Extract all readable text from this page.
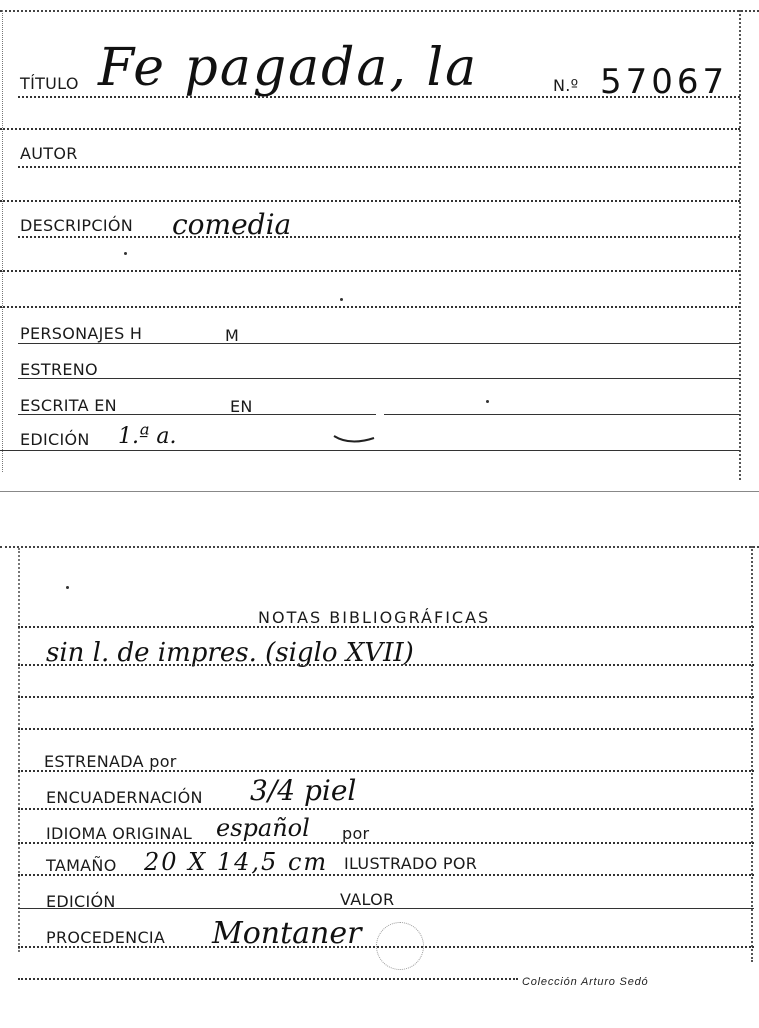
TÍTULO Fe pagada, la	N.º 57067
AUTOR
DESCRIPCIÓN comedia
PERSONAJES H	M
ESTRENO
ESCRITA EN	EN
EDICIÓN 1.ª a.
NOTAS BIBLIOGRÁFICAS
sin l. de impres. (siglo XVII)
ESTRENADA por
ENCUADERNACIÓN 3/4 piel
IDIOMA ORIGINAL español por
TAMAÑO 20 X 14,5 cm ILUSTRADO POR
EDICIÓN	VALOR
PROCEDENCIA Montaner
Colección Arturo Sedó
